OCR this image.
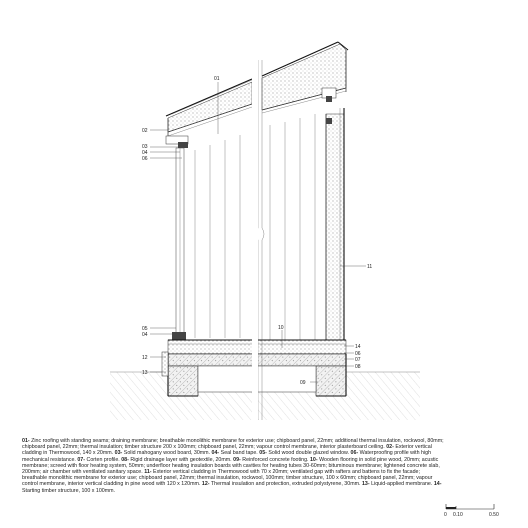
01
02
03
04
06
11
05
04
10
14
06
07
12
08
13
09
01- Zinc roofing with standing seams; draining membrane; breathable monolithic membrane for exterior use; chipboard panel, 22mm; additional thermal insulation, rockwool, 80mm; chipboard panel, 22mm; thermal insulation; timber structure 200 x 100mm; chipboard panel, 22mm; vapour control membrane, interior plasterboard ceiling. 02- Exterior vertical cladding in Thermowood, 140 x 20mm. 03- Solid mahogany wood board, 30mm. 04- Seal band tape. 05- Solid wood double glazed window. 06- Waterproofing profile with high mechanical resistance. 07- Corten profile. 08- Rigid drainage layer with geotextile, 20mm. 09- Reinforced concrete footing. 10- Wooden flooring in solid pine wood, 20mm; acustic membrane; screed with floor heating system, 50mm; underfloor heating insulation boards with cavities for heating tubes 30-60mm; bituminous membrane; lightened concrete slab, 200mm; air chamber with ventilated sanitary space. 11- Exterior vertical cladding in Thermowood with 70 x 20mm; ventilated gap with rafters and battens to fix the facade; breathable monolithic membrane for exterior use; chipboard panel, 22mm; thermal insulation, rockwool, 100mm; timber structure, 100 x 60mm; chipboard panel, 22mm; vapour control membrane, interior vertical cladding in pine wood with 120 x 120mm. 12- Thermal insulation and protection, extruded polystyrene, 30mm. 13- Liquid-applied membrane. 14- Starting timber structure, 100 x 100mm.
0 0.10	0.50
